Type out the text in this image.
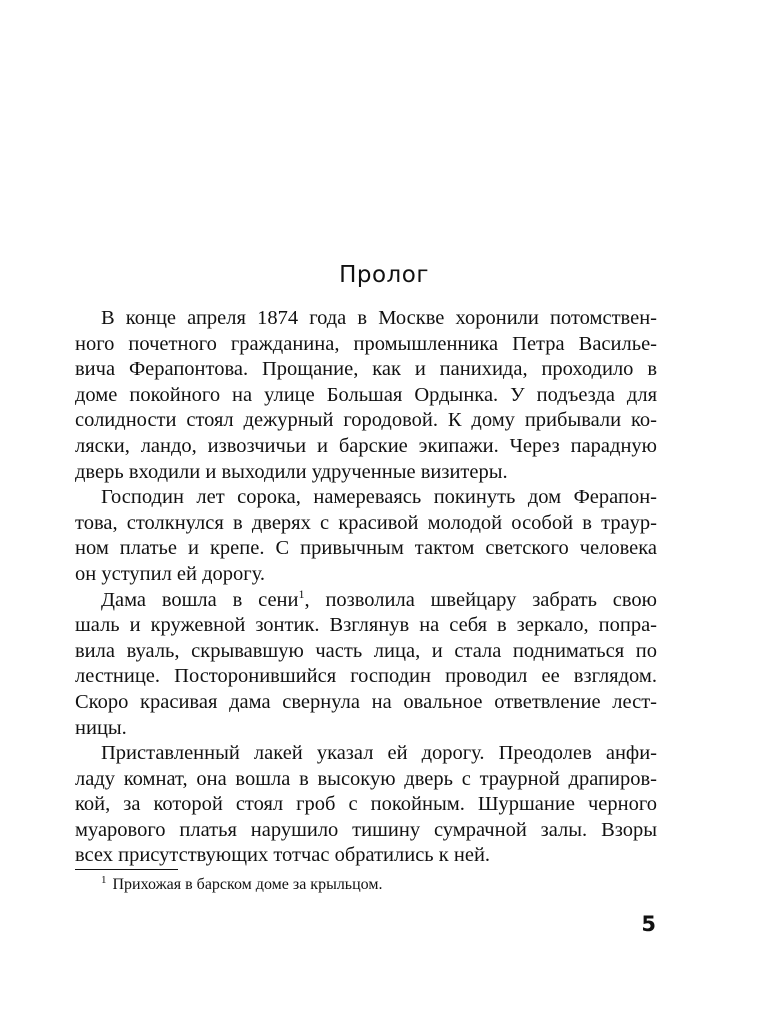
Пролог
В конце апреля 1874 года в Москве хоронили потомствен-
ного почетного гражданина, промышленника Петра Василье-
вича Ферапонтова. Прощание, как и панихида, проходило в
доме покойного на улице Большая Ордынка. У подъезда для
солидности стоял дежурный городовой. К дому прибывали ко-
ляски, ландо, извозчичьи и барские экипажи. Через парадную
дверь входили и выходили удрученные визитеры.
Господин лет сорока, намереваясь покинуть дом Ферапон-
това, столкнулся в дверях с красивой молодой особой в трaур-
ном платье и крепе. С привычным тактом светского человека
он уступил ей дорогу.
Дама вошла в сени$^1$, позволила швейцару забрать свою
шаль и кружевной зонтик. Взглянув на себя в зеркало, попра-
вила вуаль, скрывавшую часть лица, и стала подниматься по
лестнице. Посторонившийся господин проводил ее взглядом.
Скоро красивая дама свернула на овальное ответвление лест-
ницы.
Приставленный лакей указал ей дорогу. Преодолев анфи-
ладу комнат, она вошла в высокую дверь с траурной драпиров-
кой, за которой стоял гроб с покойным. Шуршание черного
муарового платья нарушило тишину сумрачной залы. Взоры
всех присутствующих тотчас обратились к ней.
$^1$ Прихожая в барском доме за крыльцом.
5
